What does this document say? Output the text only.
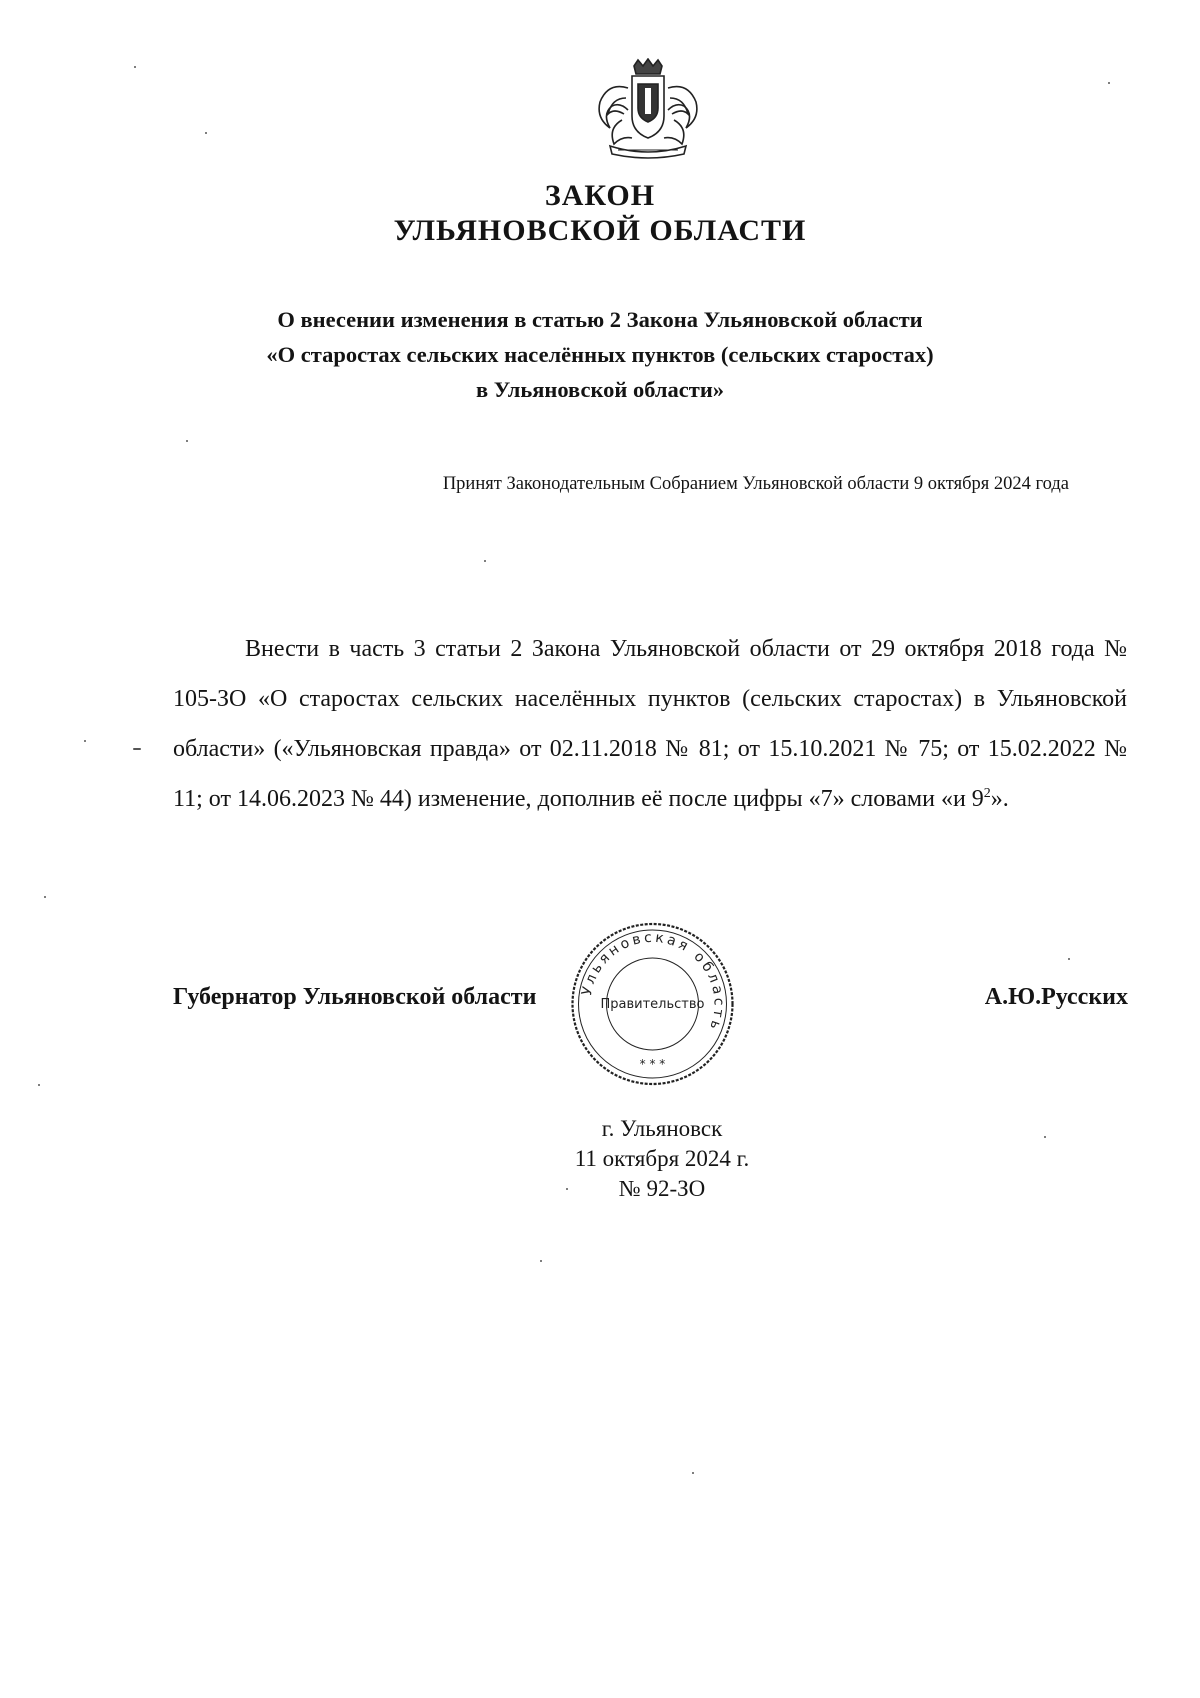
ЗАКОН
УЛЬЯНОВСКОЙ ОБЛАСТИ
О внесении изменения в статью 2 Закона Ульяновской области
«О старостах сельских населённых пунктов (сельских старостах)
в Ульяновской области»
Принят Законодательным Собранием Ульяновской области 9 октября 2024 года
Внести в часть 3 статьи 2 Закона Ульяновской области от 29 октября 2018 года № 105-ЗО «О старостах сельских населённых пунктов (сельских старостах) в Ульяновской области» («Ульяновская правда» от 02.11.2018 № 81; от 15.10.2021 № 75; от 15.02.2022 № 11; от 14.06.2023 № 44) изменение, дополнив её после цифры «7» словами «и $9^2$».
Ульяновская область
Правительство
* * *
Губернатор Ульяновской области	А.Ю.Русских
г. Ульяновск
11 октября 2024 г.
№ 92-ЗО
